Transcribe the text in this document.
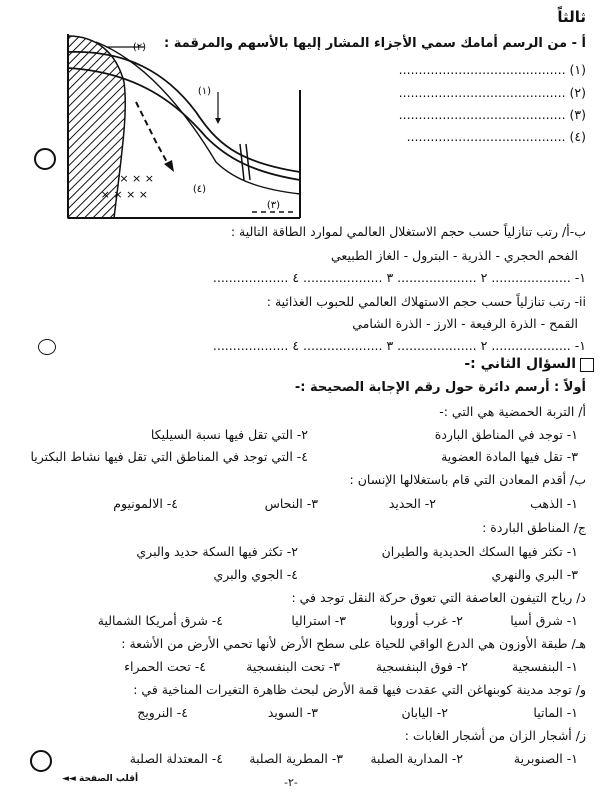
ثالثاً
أ - من الرسم أمامك سمي الأجزاء المشار إليها بالأسهم والمرقمة :
(١) ..........................................
(٢) ..........................................
(٣) ..........................................
(٤) ........................................
× × ×
× × × ×
(٢)
(١)
(٤)
(٣)
ب-أ/ رتب تنازلياً حسب حجم الاستغلال العالمي لموارد الطاقة التالية :
الفحم الحجري - الذرية - البترول - الغاز الطبيعي
١- .................... ٢ .................... ٣ .................... ٤ ...................
ii- رتب تنازلياً حسب حجم الاستهلاك العالمي للحبوب الغذائية :
القمح - الذرة الرفيعة - الارز - الذرة الشامي
١- .................... ٢ .................... ٣ .................... ٤ ...................
السؤال الثاني :-
أولاً : أرسم دائرة حول رقم الإجابة الصحيحة :-
أ/ التربة الحمضية هي التي :-
١- توجد في المناطق الباردة
٢- التي تقل فيها نسبة السيليكا
٣- تقل فيها المادة العضوية
٤- التي توجد في المناطق التي تقل فيها نشاط البكتريا
ب/ أقدم المعادن التي قام باستغلالها الإنسان :
١- الذهب
٢- الحديد
٣- النحاس
٤- الالمونيوم
ج/ المناطق الباردة :
١- تكثر فيها السكك الحديدية والطيران
٢- تكثر فيها السكة حديد والبري
٣- البري والنهري
٤- الجوي والبري
د/ رياح التيفون العاصفة التي تعوق حركة النقل توجد في :
١- شرق أسيا
٢- غرب أوروبا
٣- استراليا
٤- شرق أمريكا الشمالية
هـ/ طبقة الأوزون هي الدرع الواقي للحياة على سطح الأرض لأنها تحمي الأرض من الأشعة :
١- البنفسجية
٢- فوق البنفسجية
٣- تحت البنفسجية
٤- تحت الحمراء
و/ توجد مدينة كوبنهاغن التي عقدت فيها قمة الأرض لبحث ظاهرة التغيرات المناخية في :
١- الماتيا
٢- اليابان
٣- السويد
٤- النرويج
ز/ أشجار الزان من أشجار الغابات :
١- الصنوبرية
٢- المدارية الصلبة
٣- المطرية الصلبة
٤- المعتدلة الصلبة
-٢-
أقلب الصفحة ◄◄
